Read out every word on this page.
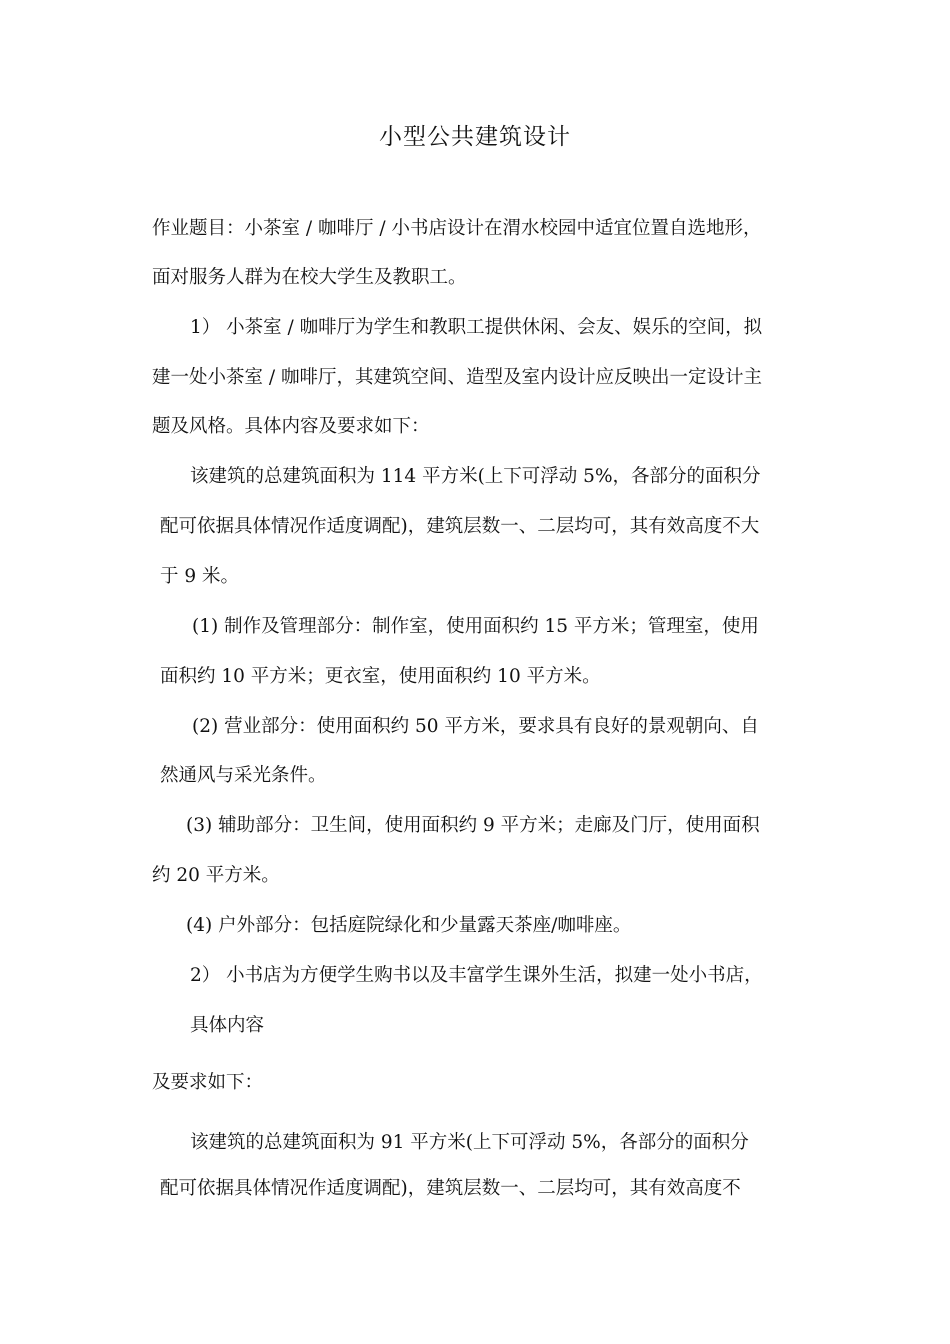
小型公共建筑设计
作业题目：小茶室 / 咖啡厅 / 小书店设计在渭水校园中适宜位置自选地形，
面对服务人群为在校大学生及教职工。
1） 小茶室 / 咖啡厅为学生和教职工提供休闲、会友、娱乐的空间，拟
建一处小茶室 / 咖啡厅，其建筑空间、造型及室内设计应反映出一定设计主
题及风格。具体内容及要求如下：
该建筑的总建筑面积为 114 平方米(上下可浮动 5%，各部分的面积分
配可依据具体情况作适度调配)，建筑层数一、二层均可，其有效高度不大
于 9 米。
(1) 制作及管理部分：制作室，使用面积约 15 平方米；管理室，使用
面积约 10 平方米；更衣室，使用面积约 10 平方米。
(2) 营业部分：使用面积约 50 平方米，要求具有良好的景观朝向、自
然通风与采光条件。
(3) 辅助部分：卫生间，使用面积约 9 平方米；走廊及门厅，使用面积
约 20 平方米。
(4) 户外部分：包括庭院绿化和少量露天茶座/咖啡座。
2） 小书店为方便学生购书以及丰富学生课外生活，拟建一处小书店，
具体内容
及要求如下：
该建筑的总建筑面积为 91 平方米(上下可浮动 5%，各部分的面积分
配可依据具体情况作适度调配)，建筑层数一、二层均可，其有效高度不
